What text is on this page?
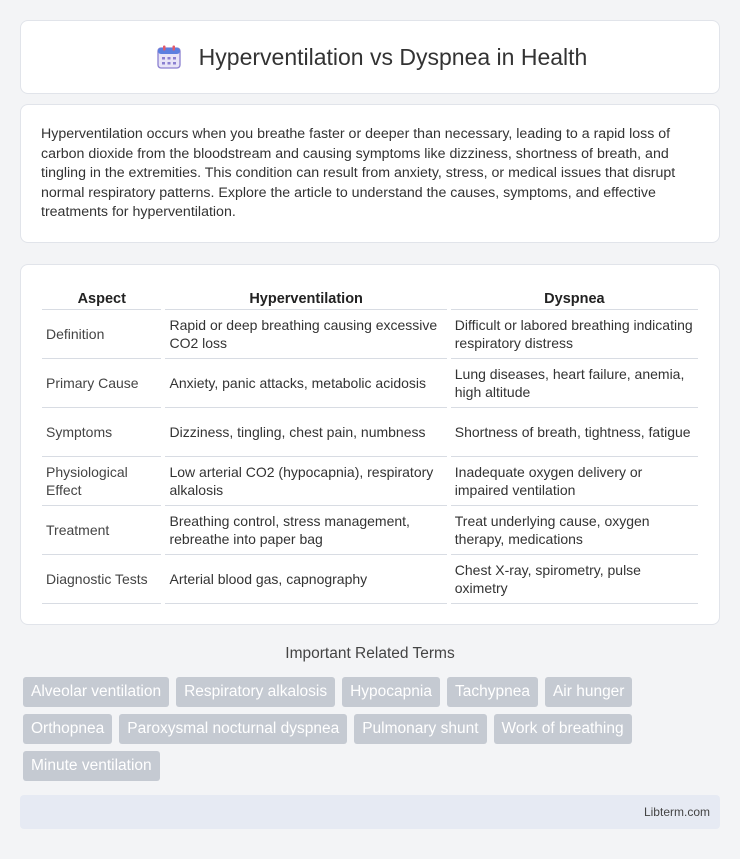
Hyperventilation vs Dyspnea in Health

Hyperventilation occurs when you breathe faster or deeper than necessary, leading to a rapid loss of carbon dioxide from the bloodstream and causing symptoms like dizziness, shortness of breath, and tingling in the extremities. This condition can result from anxiety, stress, or medical issues that disrupt normal respiratory patterns. Explore the article to understand the causes, symptoms, and effective treatments for hyperventilation.

Aspect	Hyperventilation	Dyspnea
Definition	Rapid or deep breathing causing excessive CO2 loss	Difficult or labored breathing indicating respiratory distress
Primary Cause	Anxiety, panic attacks, metabolic acidosis	Lung diseases, heart failure, anemia, high altitude
Symptoms	Dizziness, tingling, chest pain, numbness	Shortness of breath, tightness, fatigue
Physiological Effect	Low arterial CO2 (hypocapnia), respiratory alkalosis	Inadequate oxygen delivery or impaired ventilation
Treatment	Breathing control, stress management, rebreathe into paper bag	Treat underlying cause, oxygen therapy, medications
Diagnostic Tests	Arterial blood gas, capnography	Chest X-ray, spirometry, pulse oximetry
Important Related Terms
Alveolar ventilation	Respiratory alkalosis	Hypocapnia	Tachypnea	Air hunger
Orthopnea	Paroxysmal nocturnal dyspnea	Pulmonary shunt	Work of breathing
Minute ventilation
Libterm.com
